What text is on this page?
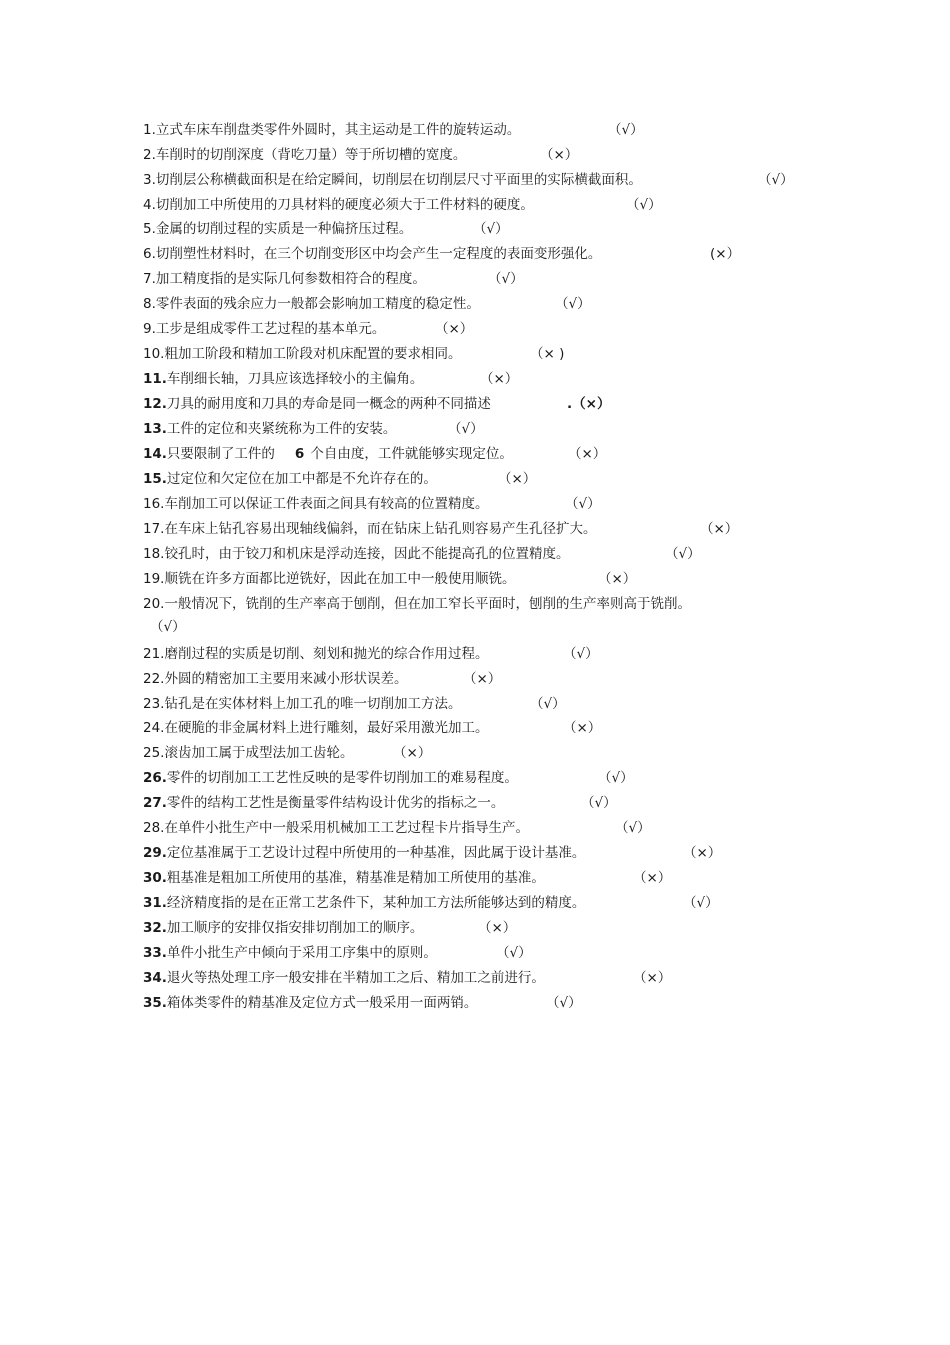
1.立式车床车削盘类零件外圆时，其主运动是工件的旋转运动。	（√）
2.车削时的切削深度（背吃刀量）等于所切槽的宽度。	（×）
3.切削层公称横截面积是在给定瞬间，切削层在切削层尺寸平面里的实际横截面积。	（√）
4.切削加工中所使用的刀具材料的硬度必须大于工件材料的硬度。	（√）
5.金属的切削过程的实质是一种偏挤压过程。	（√）
6.切削塑性材料时，在三个切削变形区中均会产生一定程度的表面变形强化。	(×）
7.加工精度指的是实际几何参数相符合的程度。	（√）
8.零件表面的残余应力一般都会影响加工精度的稳定性。	（√）
9.工步是组成零件工艺过程的基本单元。	（×）
10.粗加工阶段和精加工阶段对机床配置的要求相同。	（× )
11.车削细长轴，刀具应该选择较小的主偏角。	（×）
12.刀具的耐用度和刀具的寿命是同一概念的两种不同描述	.（×）
13.工件的定位和夹紧统称为工件的安装。	（√）
14.只要限制了工件的 6 个自由度，工件就能够实现定位。	（×）
15.过定位和欠定位在加工中都是不允许存在的。	（×）
16.车削加工可以保证工件表面之间具有较高的位置精度。	（√）
17.在车床上钻孔容易出现轴线偏斜，而在钻床上钻孔则容易产生孔径扩大。	（×）
18.铰孔时，由于铰刀和机床是浮动连接，因此不能提高孔的位置精度。	（√）
19.顺铣在许多方面都比逆铣好，因此在加工中一般使用顺铣。	（×）
20.一般情况下，铣削的生产率高于刨削，但在加工窄长平面时，刨削的生产率则高于铣削。
（√）
21.磨削过程的实质是切削、刻划和抛光的综合作用过程。	（√）
22.外圆的精密加工主要用来减小形状误差。	（×）
23.钻孔是在实体材料上加工孔的唯一切削加工方法。	（√）
24.在硬脆的非金属材料上进行雕刻，最好采用激光加工。	（×）
25.滚齿加工属于成型法加工齿轮。	（×）
26.零件的切削加工工艺性反映的是零件切削加工的难易程度。	（√）
27.零件的结构工艺性是衡量零件结构设计优劣的指标之一。	（√）
28.在单件小批生产中一般采用机械加工工艺过程卡片指导生产。	（√）
29.定位基准属于工艺设计过程中所使用的一种基准，因此属于设计基准。	（×）
30.粗基准是粗加工所使用的基准，精基准是精加工所使用的基准。	（×）
31.经济精度指的是在正常工艺条件下，某种加工方法所能够达到的精度。	（√）
32.加工顺序的安排仅指安排切削加工的顺序。	（×）
33.单件小批生产中倾向于采用工序集中的原则。	（√）
34.退火等热处理工序一般安排在半精加工之后、精加工之前进行。	（×）
35.箱体类零件的精基准及定位方式一般采用一面两销。	（√）
